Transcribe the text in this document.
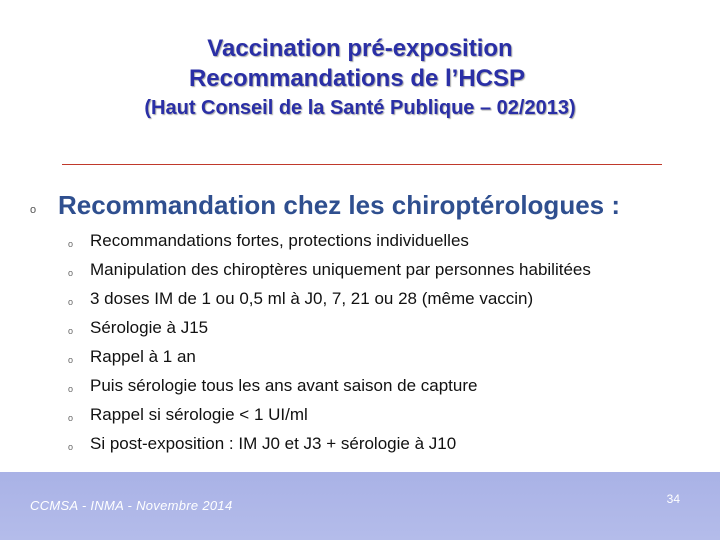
Vaccination pré-exposition
Recommandations de l’HCSP
(Haut Conseil de la Santé Publique – 02/2013)
o Recommandation chez les chiroptérologues :
o Recommandations fortes, protections individuelles
o Manipulation des chiroptères uniquement par personnes habilitées
o 3 doses IM de 1 ou 0,5 ml à J0, 7, 21 ou 28 (même vaccin)
o Sérologie à J15
o Rappel à 1 an
o Puis sérologie tous les ans avant saison de capture
o Rappel si sérologie < 1 UI/ml
o Si post-exposition : IM J0 et J3 + sérologie à J10
CCMSA - INMA - Novembre 2014	34
